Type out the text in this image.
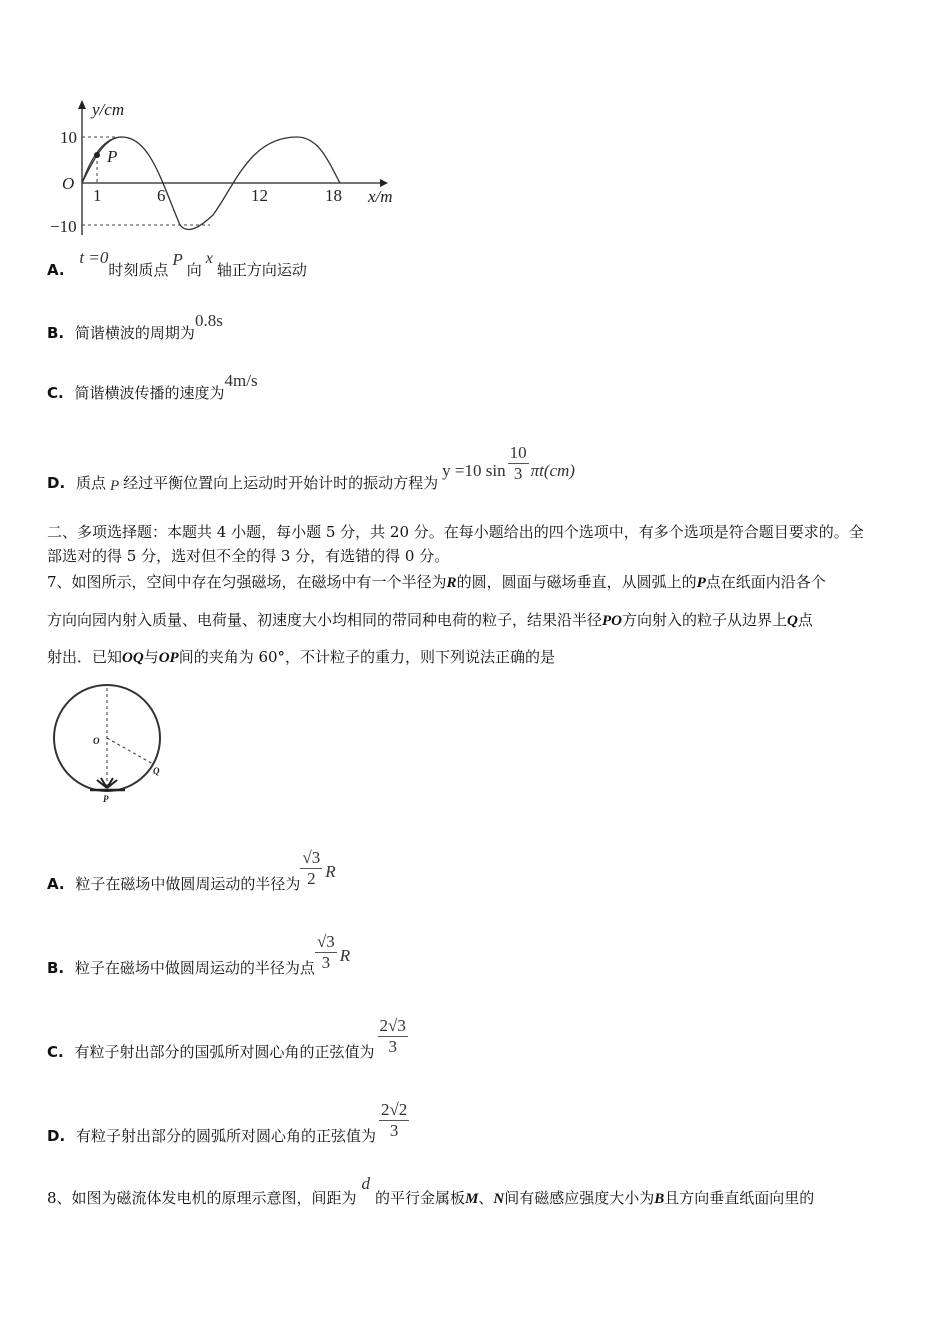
y/cm
x/m
O
P
10
−10
1	6	12	18
A. t =0时刻质点P向x轴正方向运动
B. 简谐横波的周期为0.8s
C. 简谐横波传播的速度为4m/s
D. 质点 P 经过平衡位置向上运动时开始计时的振动方程为y =10 $\sin \frac{10}{3} \pi t(cm)$
二、多项选择题：本题共 4 小题，每小题 5 分，共 20 分。在每小题给出的四个选项中，有多个选项是符合题目要求的。全
部选对的得 5 分，选对但不全的得 3 分，有选错的得 0 分。
7、如图所示，空间中存在匀强磁场，在磁场中有一个半径为R的圆，圆面与磁场垂直，从圆弧上的P点在纸面内沿各个
方向向园内射入质量、电荷量、初速度大小均相同的带同种电荷的粒子，结果沿半径PO方向射入的粒子从边界上Q点
射出．已知OQ与OP间的夹角为 60°，不计粒子的重力，则下列说法正确的是
O
Q
P
A. 粒子在磁场中做圆周运动的半径为 $\frac{√3}{2}$ R
B. 粒子在磁场中做圆周运动的半径为点 $\frac{√3}{3}$ R
C. 有粒子射出部分的国弧所对圆心角的正弦值为 $\frac{2√3}{3}$
D. 有粒子射出部分的圆弧所对圆心角的正弦值为 $\frac{2√2}{3}$
8、如图为磁流体发电机的原理示意图，间距为d的平行金属板M、N间有磁感应强度大小为B且方向垂直纸面向里的
